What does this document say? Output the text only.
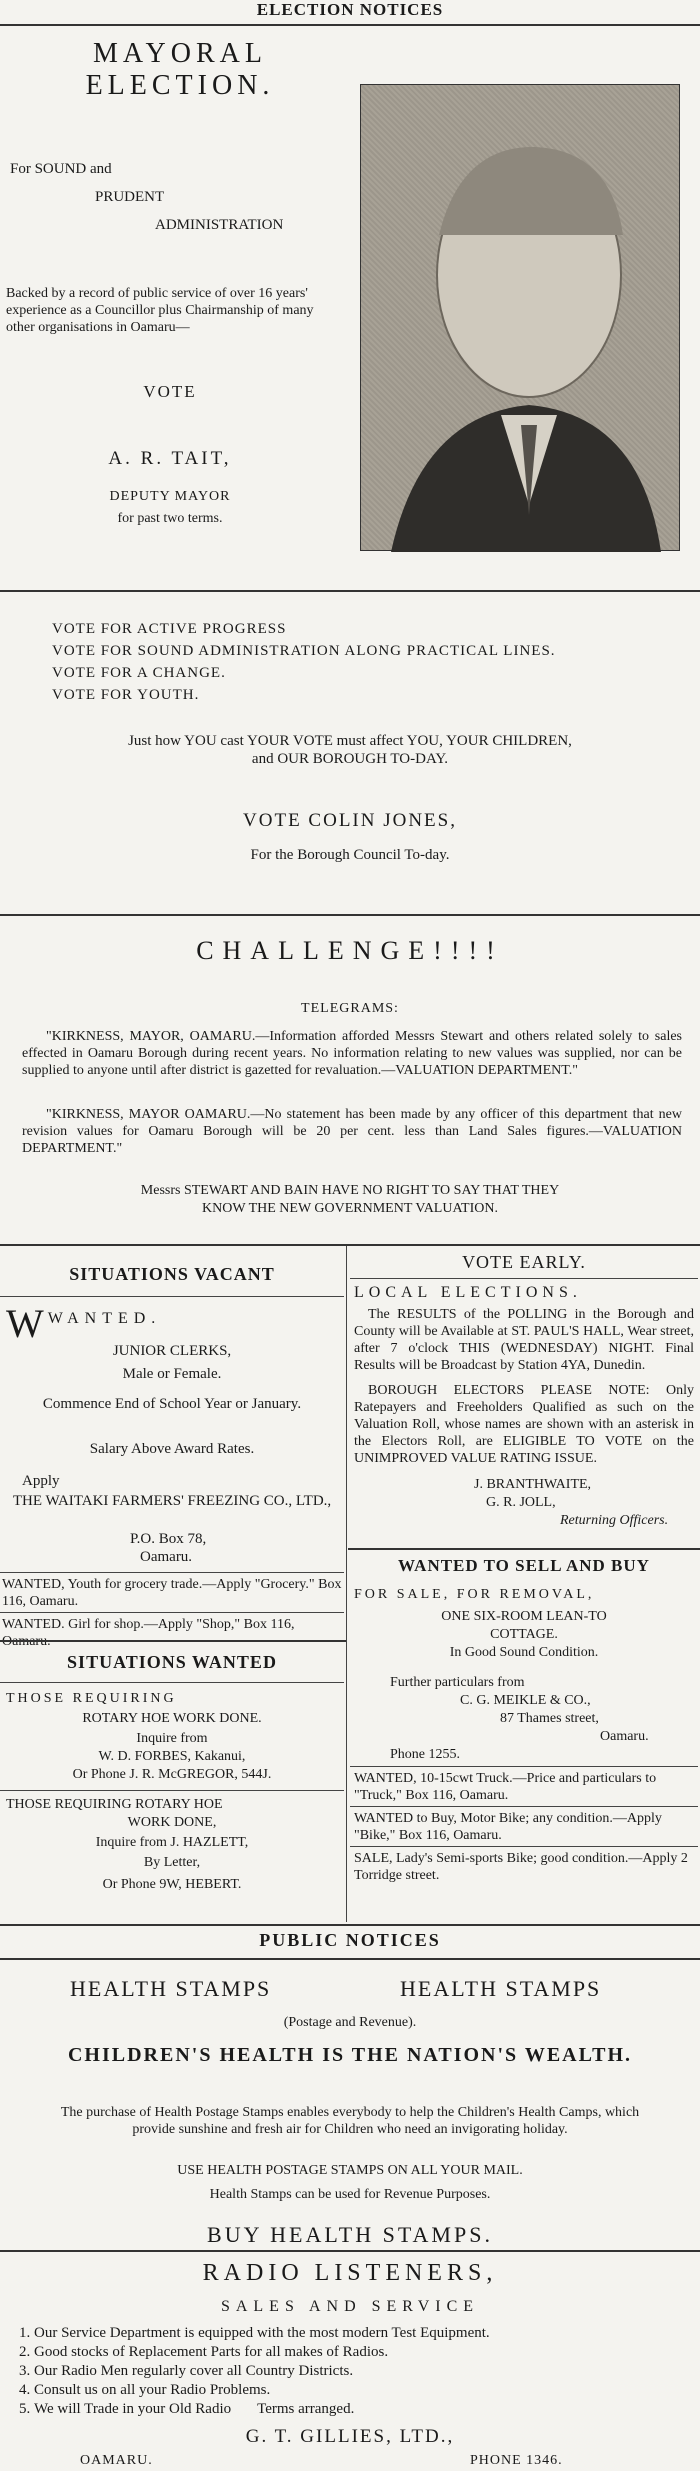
ELECTION NOTICES
MAYORAL ELECTION.
For SOUND and
PRUDENT
ADMINISTRATION
Backed by a record of public service of over 16 years' experience as a Councillor plus Chairmanship of many other organisations in Oamaru—
VOTE
A. R. TAIT,
DEPUTY MAYOR
for past two terms.
VOTE FOR ACTIVE PROGRESS
VOTE FOR SOUND ADMINISTRATION ALONG PRACTICAL LINES.
VOTE FOR A CHANGE.
VOTE FOR YOUTH.
Just how YOU cast YOUR VOTE must affect YOU, YOUR CHILDREN,
and OUR BOROUGH TO-DAY.
VOTE COLIN JONES,
For the Borough Council To-day.
CHALLENGE!!!!
TELEGRAMS:
"KIRKNESS, MAYOR, OAMARU.—Information afforded Messrs Stewart and others related solely to sales effected in Oamaru Borough during recent years. No information relating to new values was supplied, nor can be supplied to anyone until after district is gazetted for revaluation.—VALUATION DEPARTMENT."
"KIRKNESS, MAYOR OAMARU.—No statement has been made by any officer of this department that new revision values for Oamaru Borough will be 20 per cent. less than Land Sales figures.—VALUATION DEPARTMENT."
Messrs STEWART AND BAIN HAVE NO RIGHT TO SAY THAT THEY
KNOW THE NEW GOVERNMENT VALUATION.
SITUATIONS VACANT
W WANTED.
JUNIOR CLERKS,
Male or Female.
Commence End of School Year or January.
Salary Above Award Rates.
Apply
THE WAITAKI FARMERS' FREEZING CO., LTD.,
P.O. Box 78,
Oamaru.
WANTED, Youth for grocery trade.—Apply "Grocery." Box 116, Oamaru.
WANTED. Girl for shop.—Apply "Shop," Box 116, Oamaru.
SITUATIONS WANTED
THOSE REQUIRING
ROTARY HOE WORK DONE.
Inquire from
W. D. FORBES, Kakanui,
Or Phone J. R. McGREGOR, 544J.
THOSE REQUIRING ROTARY HOE
WORK DONE,
Inquire from J. HAZLETT,
By Letter,
Or Phone 9W, HEBERT.
VOTE EARLY.
LOCAL ELECTIONS.
The RESULTS of the POLLING in the Borough and County will be Available at ST. PAUL'S HALL, Wear street, after 7 o'clock THIS (WEDNESDAY) NIGHT. Final Results will be Broadcast by Station 4YA, Dunedin.
BOROUGH ELECTORS PLEASE NOTE: Only Ratepayers and Freeholders Qualified as such on the Valuation Roll, whose names are shown with an asterisk in the Electors Roll, are ELIGIBLE TO VOTE on the UNIMPROVED VALUE RATING ISSUE.
J. BRANTHWAITE,
G. R. JOLL,
Returning Officers.
WANTED TO SELL AND BUY
FOR SALE, FOR REMOVAL,
ONE SIX-ROOM LEAN-TO
COTTAGE.
In Good Sound Condition.
Further particulars from
C. G. MEIKLE & CO.,
87 Thames street,
Oamaru.
Phone 1255.
WANTED, 10-15cwt Truck.—Price and particulars to "Truck," Box 116, Oamaru.
WANTED to Buy, Motor Bike; any condition.—Apply "Bike," Box 116, Oamaru.
SALE, Lady's Semi-sports Bike; good condition.—Apply 2 Torridge street.
PUBLIC NOTICES
HEALTH STAMPS	HEALTH STAMPS
(Postage and Revenue).
CHILDREN'S HEALTH IS THE NATION'S WEALTH.
The purchase of Health Postage Stamps enables everybody to help the Children's Health Camps, which provide sunshine and fresh air for Children who need an invigorating holiday.
USE HEALTH POSTAGE STAMPS ON ALL YOUR MAIL.
Health Stamps can be used for Revenue Purposes.
BUY HEALTH STAMPS.
RADIO LISTENERS,
SALES AND SERVICE
1. Our Service Department is equipped with the most modern Test Equipment.
2. Good stocks of Replacement Parts for all makes of Radios.
3. Our Radio Men regularly cover all Country Districts.
4. Consult us on all your Radio Problems.
5. We will Trade in your Old Radio       Terms arranged.
G. T. GILLIES, LTD.,
OAMARU.	PHONE 1346.
